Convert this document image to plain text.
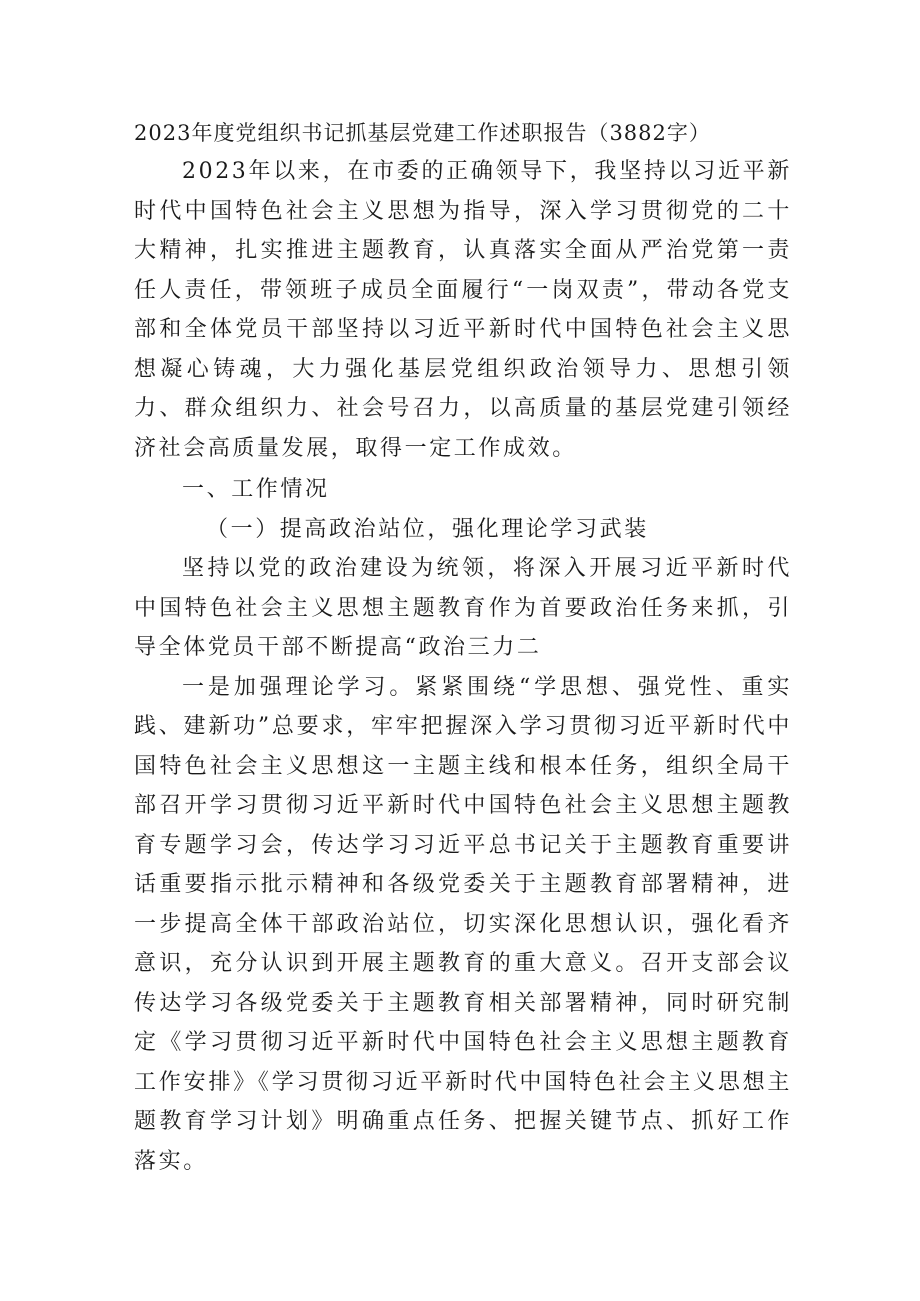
2023年度党组织书记抓基层党建工作述职报告（3882字）

2023年以来，在市委的正确领导下，我坚持以习近平新时代中国特色社会主义思想为指导，深入学习贯彻党的二十大精神，扎实推进主题教育，认真落实全面从严治党第一责任人责任，带领班子成员全面履行“一岗双责”，带动各党支部和全体党员干部坚持以习近平新时代中国特色社会主义思想凝心铸魂，大力强化基层党组织政治领导力、思想引领力、群众组织力、社会号召力，以高质量的基层党建引领经济社会高质量发展，取得一定工作成效。

一、工作情况
（一）提高政治站位，强化理论学习武装

坚持以党的政治建设为统领，将深入开展习近平新时代中国特色社会主义思想主题教育作为首要政治任务来抓，引导全体党员干部不断提高“政治三力二

一是加强理论学习。紧紧围绕“学思想、强党性、重实践、建新功”总要求，牢牢把握深入学习贯彻习近平新时代中国特色社会主义思想这一主题主线和根本任务，组织全局干部召开学习贯彻习近平新时代中国特色社会主义思想主题教育专题学习会，传达学习习近平总书记关于主题教育重要讲话重要指示批示精神和各级党委关于主题教育部署精神，进一步提高全体干部政治站位，切实深化思想认识，强化看齐意识，充分认识到开展主题教育的重大意义。召开支部会议传达学习各级党委关于主题教育相关部署精神，同时研究制定《学习贯彻习近平新时代中国特色社会主义思想主题教育工作安排》《学习贯彻习近平新时代中国特色社会主义思想主题教育学习计划》明确重点任务、把握关键节点、抓好工作落实。
